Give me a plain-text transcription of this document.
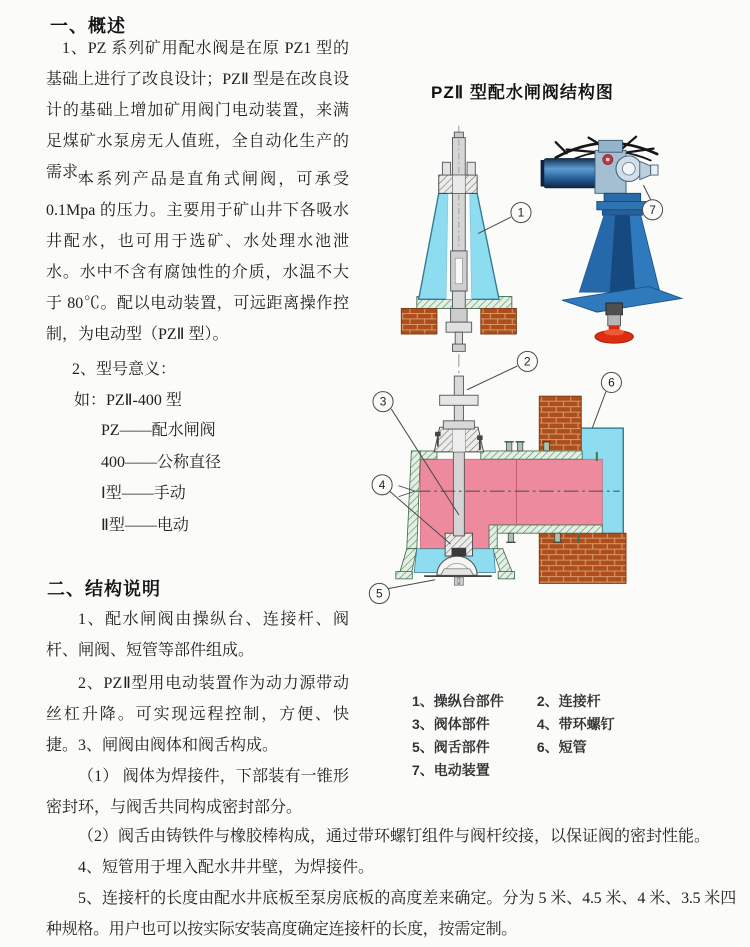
一、概述
1、PZ 系列矿用配水阀是在原 PZ1 型的基础上进行了改良设计；PZⅡ 型是在改良设计的基础上增加矿用阀门电动装置，来满足煤矿水泵房无人值班，全自动化生产的需求。
本系列产品是直角式闸阀，可承受 0.1Mpa 的压力。主要用于矿山井下各吸水井配水，也可用于选矿、水处理水池泄水。水中不含有腐蚀性的介质，水温不大于 80℃。配以电动装置，可远距离操作控制，为电动型（PZⅡ 型）。
2、型号意义：
如：PZⅡ-400 型
PZ——配水闸阀
400——公称直径
Ⅰ型——手动
Ⅱ型——电动
二、结构说明
1、配水闸阀由操纵台、连接杆、阀杆、闸阀、短管等部件组成。
2、PZⅡ型用电动装置作为动力源带动丝杠升降。可实现远程控制，方便、快捷。 3、闸阀由阀体和阀舌构成。
（1） 阀体为焊接件，下部装有一锥形密封环，与阀舌共同构成密封部分。

（2）阀舌由铸铁件与橡胶棒构成，通过带环螺钉组件与阀杆绞接，以保证阀的密封性能。

4、短管用于埋入配水井井壁，为焊接件。

5、连接杆的长度由配水井底板至泵房底板的高度差来确定。分为 5 米、4.5 米、4 米、3.5 米四种规格。用户也可以按实际安装高度确定连接杆的长度，按需定制。

PZⅡ 型配水闸阀结构图
1
2
3
4
5
6
7
1、操纵台部件 2、连接杆
3、阀体部件	4、带环螺钉
5、阀舌部件	6、短管
7、电动装置
